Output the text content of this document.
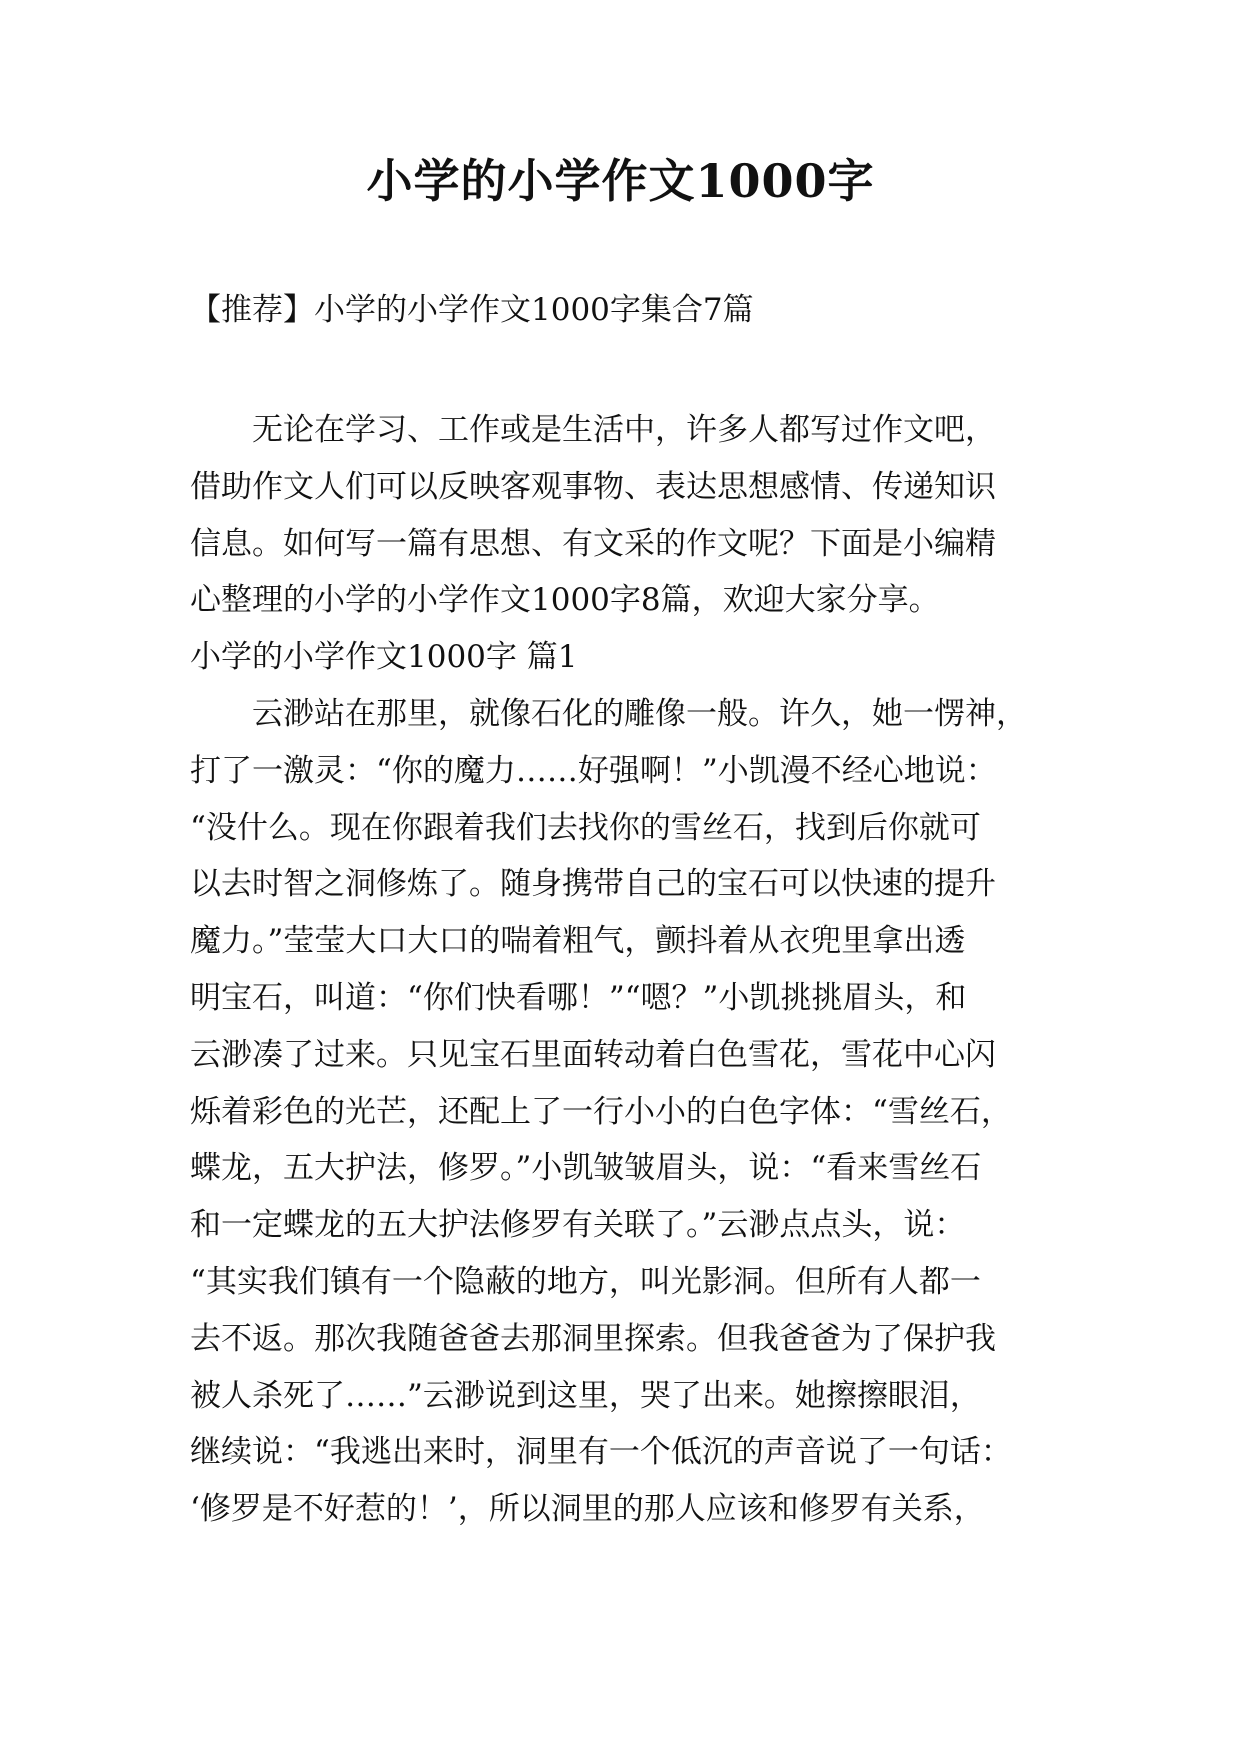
小学的小学作文1000字

【推荐】小学的小学作文1000字集合7篇

　　无论在学习、工作或是生活中，许多人都写过作文吧，
借助作文人们可以反映客观事物、表达思想感情、传递知识
信息。如何写一篇有思想、有文采的作文呢？下面是小编精
心整理的小学的小学作文1000字8篇，欢迎大家分享。
小学的小学作文1000字 篇1
　　云渺站在那里，就像石化的雕像一般。许久，她一愣神，
打了一激灵：“你的魔力……好强啊！”小凯漫不经心地说：
“没什么。现在你跟着我们去找你的雪丝石，找到后你就可
以去时智之洞修炼了。随身携带自己的宝石可以快速的提升
魔力。”莹莹大口大口的喘着粗气，颤抖着从衣兜里拿出透
明宝石，叫道：“你们快看哪！”“嗯？”小凯挑挑眉头，和
云渺凑了过来。只见宝石里面转动着白色雪花，雪花中心闪
烁着彩色的光芒，还配上了一行小小的白色字体：“雪丝石，
蝶龙，五大护法，修罗。”小凯皱皱眉头，说：“看来雪丝石
和一定蝶龙的五大护法修罗有关联了。”云渺点点头，说：
“其实我们镇有一个隐蔽的地方，叫光影洞。但所有人都一
去不返。那次我随爸爸去那洞里探索。但我爸爸为了保护我
被人杀死了……”云渺说到这里，哭了出来。她擦擦眼泪，
继续说：“我逃出来时，洞里有一个低沉的声音说了一句话：
‘修罗是不好惹的！’，所以洞里的那人应该和修罗有关系，
